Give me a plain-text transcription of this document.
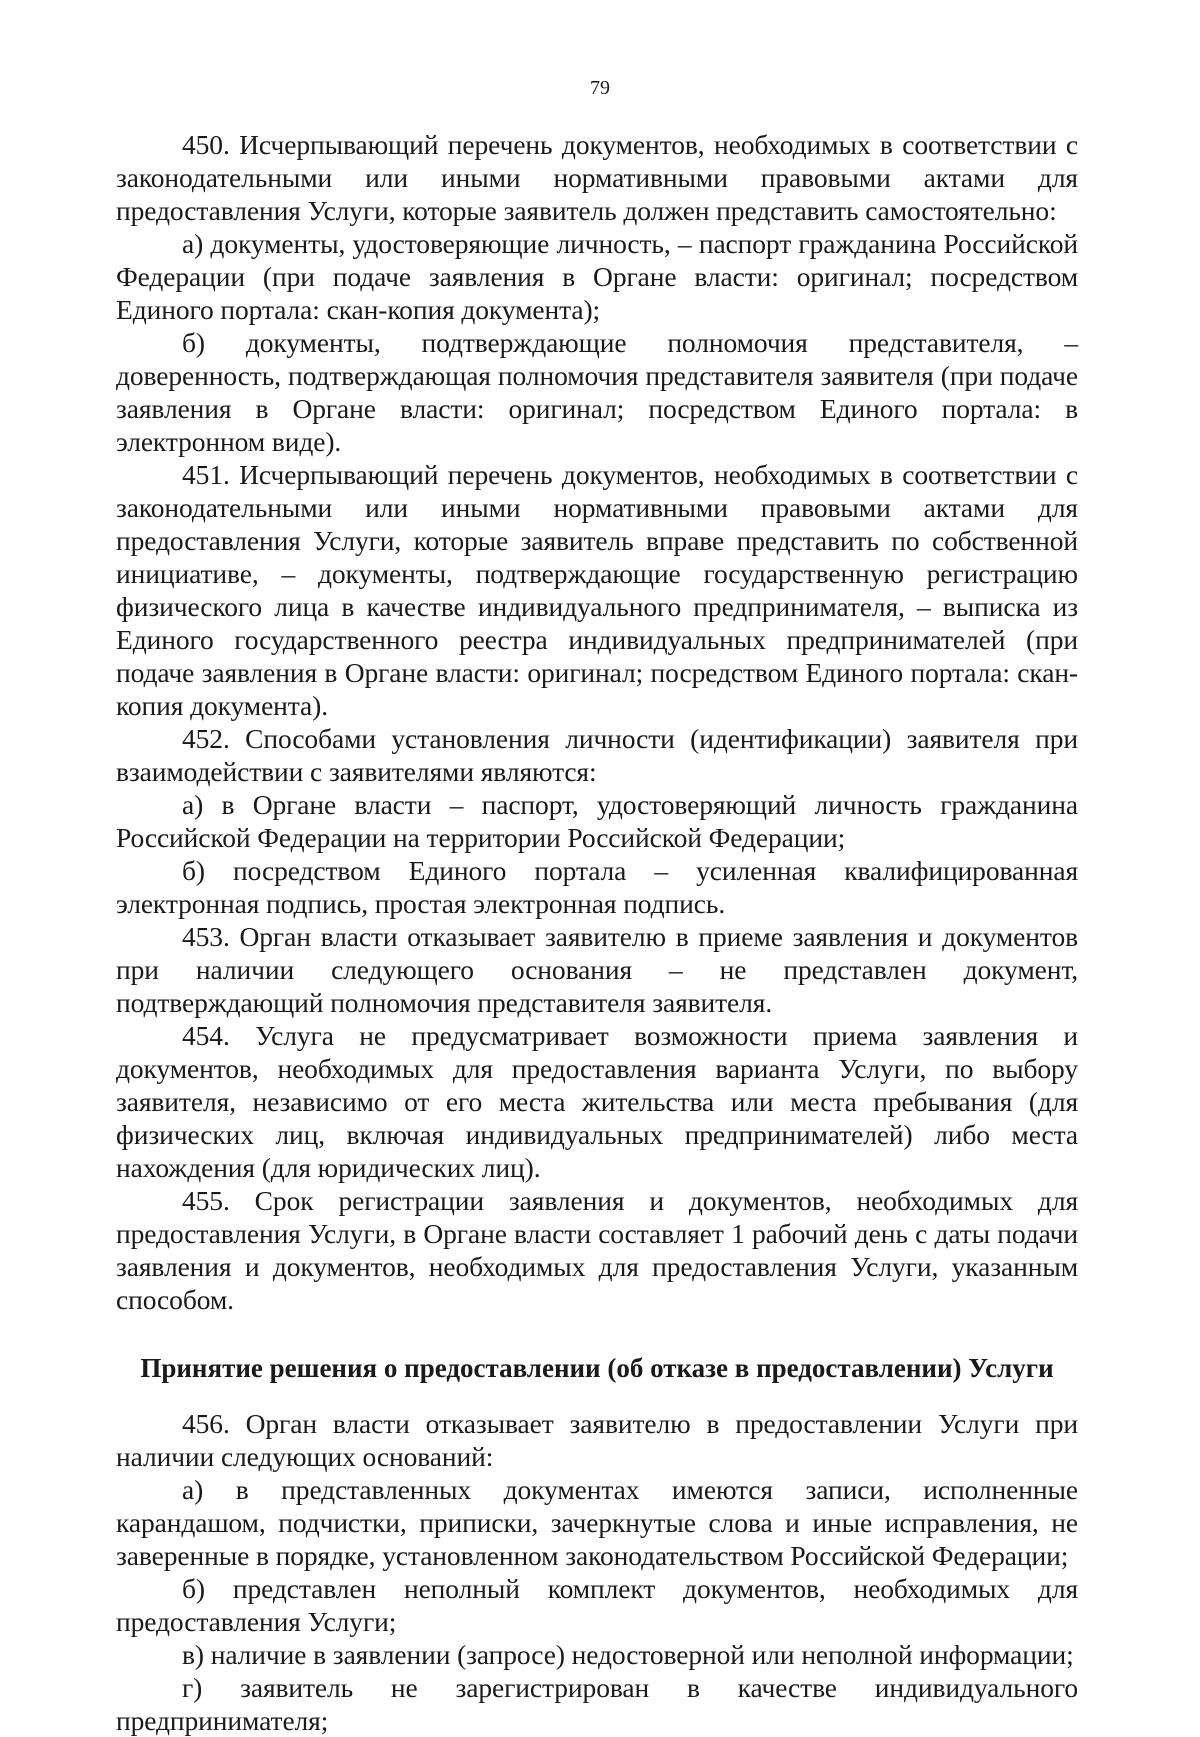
79

450. Исчерпывающий перечень документов, необходимых в соответствии с законодательными или иными нормативными правовыми актами для предоставления Услуги, которые заявитель должен представить самостоятельно:

а) документы, удостоверяющие личность, – паспорт гражданина Российской Федерации (при подаче заявления в Органе власти: оригинал; посредством Единого портала: скан-копия документа);

б) документы, подтверждающие полномочия представителя, – доверенность, подтверждающая полномочия представителя заявителя (при подаче заявления в Органе власти: оригинал; посредством Единого портала: в электронном виде).

451. Исчерпывающий перечень документов, необходимых в соответствии с законодательными или иными нормативными правовыми актами для предоставления Услуги, которые заявитель вправе представить по собственной инициативе, – документы, подтверждающие государственную регистрацию физического лица в качестве индивидуального предпринимателя, – выписка из Единого государственного реестра индивидуальных предпринимателей (при подаче заявления в Органе власти: оригинал; посредством Единого портала: скан-копия документа).

452. Способами установления личности (идентификации) заявителя при взаимодействии с заявителями являются:

а) в Органе власти – паспорт, удостоверяющий личность гражданина Российской Федерации на территории Российской Федерации;

б) посредством Единого портала – усиленная квалифицированная электронная подпись, простая электронная подпись.

453. Орган власти отказывает заявителю в приеме заявления и документов при наличии следующего основания – не представлен документ, подтверждающий полномочия представителя заявителя.

454. Услуга не предусматривает возможности приема заявления и документов, необходимых для предоставления варианта Услуги, по выбору заявителя, независимо от его места жительства или места пребывания (для физических лиц, включая индивидуальных предпринимателей) либо места нахождения (для юридических лиц).

455. Срок регистрации заявления и документов, необходимых для предоставления Услуги, в Органе власти составляет 1 рабочий день с даты подачи заявления и документов, необходимых для предоставления Услуги, указанным способом.

Принятие решения о предоставлении (об отказе в предоставлении) Услуги

456. Орган власти отказывает заявителю в предоставлении Услуги при наличии следующих оснований:

а) в представленных документах имеются записи, исполненные карандашом, подчистки, приписки, зачеркнутые слова и иные исправления, не заверенные в порядке, установленном законодательством Российской Федерации;

б) представлен неполный комплект документов, необходимых для предоставления Услуги;

в) наличие в заявлении (запросе) недостоверной или неполной информации;

г) заявитель не зарегистрирован в качестве индивидуального предпринимателя;
